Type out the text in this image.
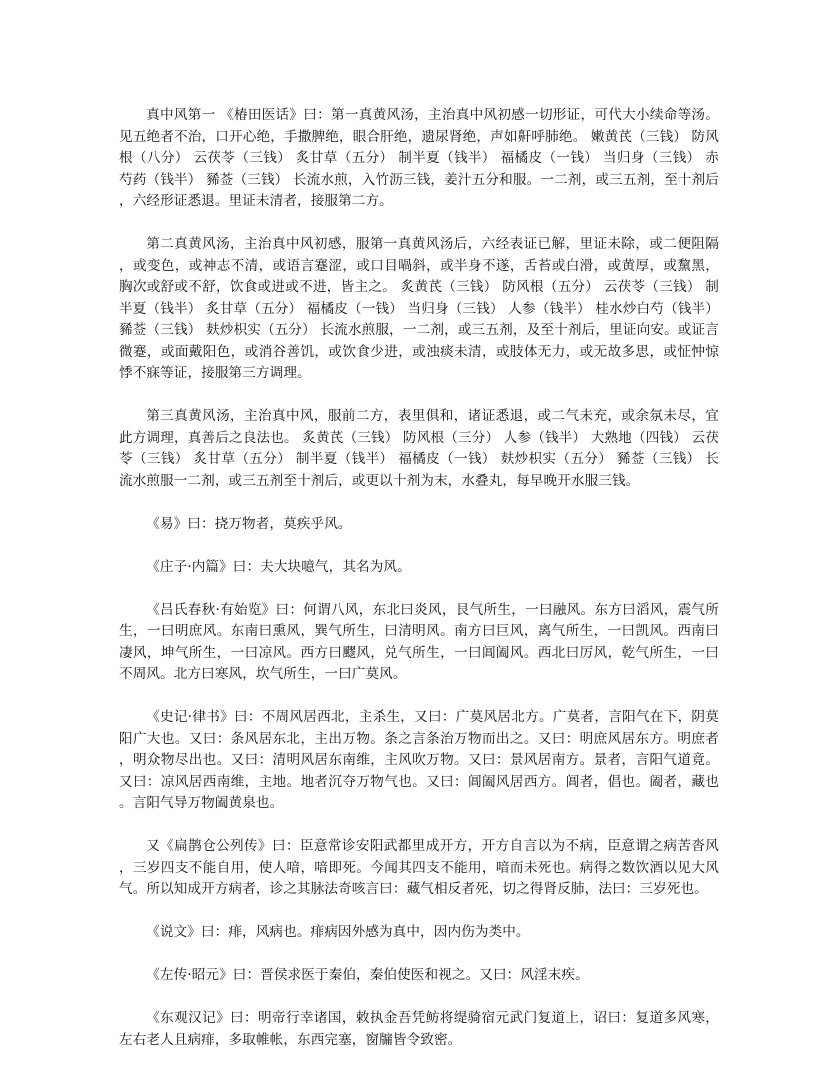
真中风第一 《椿田医话》曰：第一真黄风汤，主治真中风初感一切形证，可代大小续命等汤。见五绝者不治，口开心绝，手撒脾绝，眼合肝绝，遗尿肾绝，声如鼾呼肺绝。 嫩黄芪（三钱） 防风根（八分） 云茯苓（三钱） 炙甘草（五分） 制半夏（钱半） 福橘皮（一钱） 当归身（三钱） 赤芍药（钱半） 豨莶（三钱） 长流水煎，入竹沥三钱，姜汁五分和服。一二剂，或三五剂，至十剂后，六经形证悉退。里证未清者，接服第二方。

第二真黄风汤，主治真中风初感，服第一真黄风汤后，六经表证已解，里证未除，或二便阻隔，或变色，或神志不清，或语言蹇涩，或口目喎斜，或半身不遂，舌苔或白滑，或黄厚，或黧黑，胸次或舒或不舒，饮食或进或不进，皆主之。 炙黄芪（三钱） 防风根（五分） 云茯苓（三钱） 制半夏（钱半） 炙甘草（五分） 福橘皮（一钱） 当归身（三钱） 人参（钱半） 桂水炒白芍（钱半） 豨莶（三钱） 麸炒枳实（五分） 长流水煎服，一二剂，或三五剂，及至十剂后，里证向安。或证言微蹇，或面戴阳色，或消谷善饥，或饮食少进，或浊痰未清，或肢体无力，或无故多思，或怔忡惊悸不寐等证，接服第三方调理。

第三真黄风汤，主治真中风，服前二方，表里俱和，诸证悉退，或二气未充，或余氛未尽，宜此方调理，真善后之良法也。 炙黄芪（三钱） 防风根（三分） 人参（钱半） 大熟地（四钱） 云茯苓（三钱） 炙甘草（五分） 制半夏（钱半） 福橘皮（一钱） 麸炒枳实（五分） 豨莶（三钱） 长流水煎服一二剂，或三五剂至十剂后，或更以十剂为末，水叠丸，每早晚开水服三钱。

《易》曰：挠万物者，莫疾乎风。

《庄子·内篇》曰：夫大块噫气，其名为风。

《吕氏春秋·有始览》曰：何谓八风，东北曰炎风，艮气所生，一曰融风。东方曰滔风，震气所生，一曰明庶风。东南曰熏风，巽气所生，曰清明风。南方曰巨风，离气所生，一曰凯风。西南曰凄风，坤气所生，一曰凉风。西方曰飂风，兑气所生，一曰阊阖风。西北曰厉风，乾气所生，一曰不周风。北方曰寒风，坎气所生，一曰广莫风。

《史记·律书》曰：不周风居西北，主杀生，又曰：广莫风居北方。广莫者，言阳气在下，阴莫阳广大也。又曰：条风居东北，主出万物。条之言条治万物而出之。又曰：明庶风居东方。明庶者，明众物尽出也。又曰：清明风居东南维，主风吹万物。又曰：景风居南方。景者，言阳气道竟。又曰：凉风居西南维，主地。地者沉夺万物气也。又曰：阊阖风居西方。阊者，倡也。阖者，藏也。言阳气导万物阖黄泉也。

又《扁鹊仓公列传》曰：臣意常诊安阳武都里成开方，开方自言以为不病，臣意谓之病苦沓风，三岁四支不能自用，使人喑，喑即死。今闻其四支不能用，喑而未死也。病得之数饮酒以见大风气。所以知成开方病者，诊之其脉法奇咳言曰：藏气相反者死，切之得肾反肺，法曰：三岁死也。

《说文》曰：痱，风病也。痱病因外感为真中，因内伤为类中。

《左传·昭元》曰：晋侯求医于秦伯，秦伯使医和视之。又曰：风淫末疾。

《东观汉记》曰：明帝行幸诸国，敕执金吾凭鲂将缇骑宿元武门复道上，诏曰：复道多风寒，左右老人且病痱，多取帷帐，东西完塞，窗牖皆令致密。
